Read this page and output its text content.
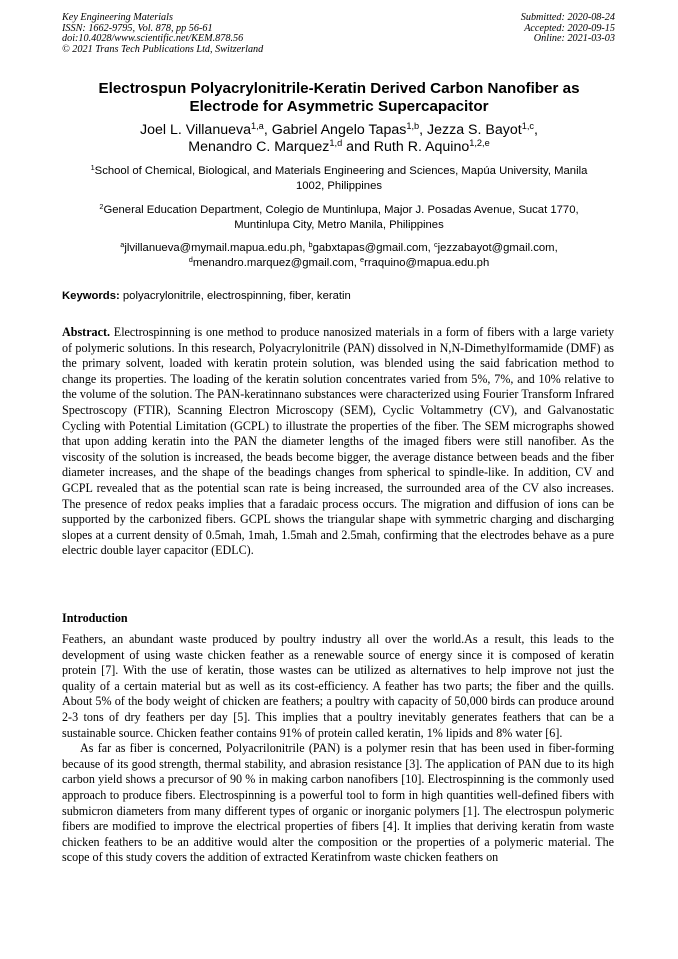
Key Engineering Materials
ISSN: 1662-9795, Vol. 878, pp 56-61
doi:10.4028/www.scientific.net/KEM.878.56
© 2021 Trans Tech Publications Ltd, Switzerland
Submitted: 2020-08-24
Accepted: 2020-09-15
Online: 2021-03-03
Electrospun Polyacrylonitrile-Keratin Derived Carbon Nanofiber as
Electrode for Asymmetric Supercapacitor
Joel L. Villanueva$^{1,a}$, Gabriel Angelo Tapas$^{1,b}$, Jezza S. Bayot$^{1,c}$,
Menandro C. Marquez$^{1,d}$ and Ruth R. Aquino$^{1,2,e}$
$^1$School of Chemical, Biological, and Materials Engineering and Sciences, Mapúa University, Manila
1002, Philippines
$^2$General Education Department, Colegio de Muntinlupa, Major J. Posadas Avenue, Sucat 1770,
Muntinlupa City, Metro Manila, Philippines
$^a$jlvillanueva@mymail.mapua.edu.ph, $^b$gabxtapas@gmail.com, $^c$jezzabayot@gmail.com,
$^d$menandro.marquez@gmail.com, $^e$rraquino@mapua.edu.ph
Keywords: polyacrylonitrile, electrospinning, fiber, keratin
Abstract. Electrospinning is one method to produce nanosized materials in a form of fibers with a large variety of polymeric solutions. In this research, Polyacrylonitrile (PAN) dissolved in N,N-Dimethylformamide (DMF) as the primary solvent, loaded with keratin protein solution, was blended using the said fabrication method to change its properties. The loading of the keratin solution concentrates varied from 5%, 7%, and 10% relative to the volume of the solution. The PAN-keratinnano substances were characterized using Fourier Transform Infrared Spectroscopy (FTIR), Scanning Electron Microscopy (SEM), Cyclic Voltammetry (CV), and Galvanostatic Cycling with Potential Limitation (GCPL) to illustrate the properties of the fiber. The SEM micrographs showed that upon adding keratin into the PAN the diameter lengths of the imaged fibers were still nanofiber. As the viscosity of the solution is increased, the beads become bigger, the average distance between beads and the fiber diameter increases, and the shape of the beadings changes from spherical to spindle-like. In addition, CV and GCPL revealed that as the potential scan rate is being increased, the surrounded area of the CV also increases. The presence of redox peaks implies that a faradaic process occurs. The migration and diffusion of ions can be supported by the carbonized fibers. GCPL shows the triangular shape with symmetric charging and discharging slopes at a current density of 0.5mah, 1mah, 1.5mah and 2.5mah, confirming that the electrodes behave as a pure electric double layer capacitor (EDLC).
Introduction

Feathers, an abundant waste produced by poultry industry all over the world.As a result, this leads to the development of using waste chicken feather as a renewable source of energy since it is composed of keratin protein [7]. With the use of keratin, those wastes can be utilized as alternatives to help improve not just the quality of a certain material but as well as its cost-efficiency. A feather has two parts; the fiber and the quills. About 5% of the body weight of chicken are feathers; a poultry with capacity of 50,000 birds can produce around 2-3 tons of dry feathers per day [5]. This implies that a poultry inevitably generates feathers that can be a sustainable source. Chicken feather contains 91% of protein called keratin, 1% lipids and 8% water [6].

As far as fiber is concerned, Polyacrilonitrile (PAN) is a polymer resin that has been used in fiber-forming because of its good strength, thermal stability, and abrasion resistance [3]. The application of PAN due to its high carbon yield shows a precursor of 90 % in making carbon nanofibers [10]. Electrospinning is the commonly used approach to produce fibers. Electrospinning is a powerful tool to form in high quantities well-defined fibers with submicron diameters from many different types of organic or inorganic polymers [1]. The electrospun polymeric fibers are modified to improve the electrical properties of fibers [4]. It implies that deriving keratin from waste chicken feathers to be an additive would alter the composition or the properties of a polymeric material. The scope of this study covers the addition of extracted Keratinfrom waste chicken feathers on
